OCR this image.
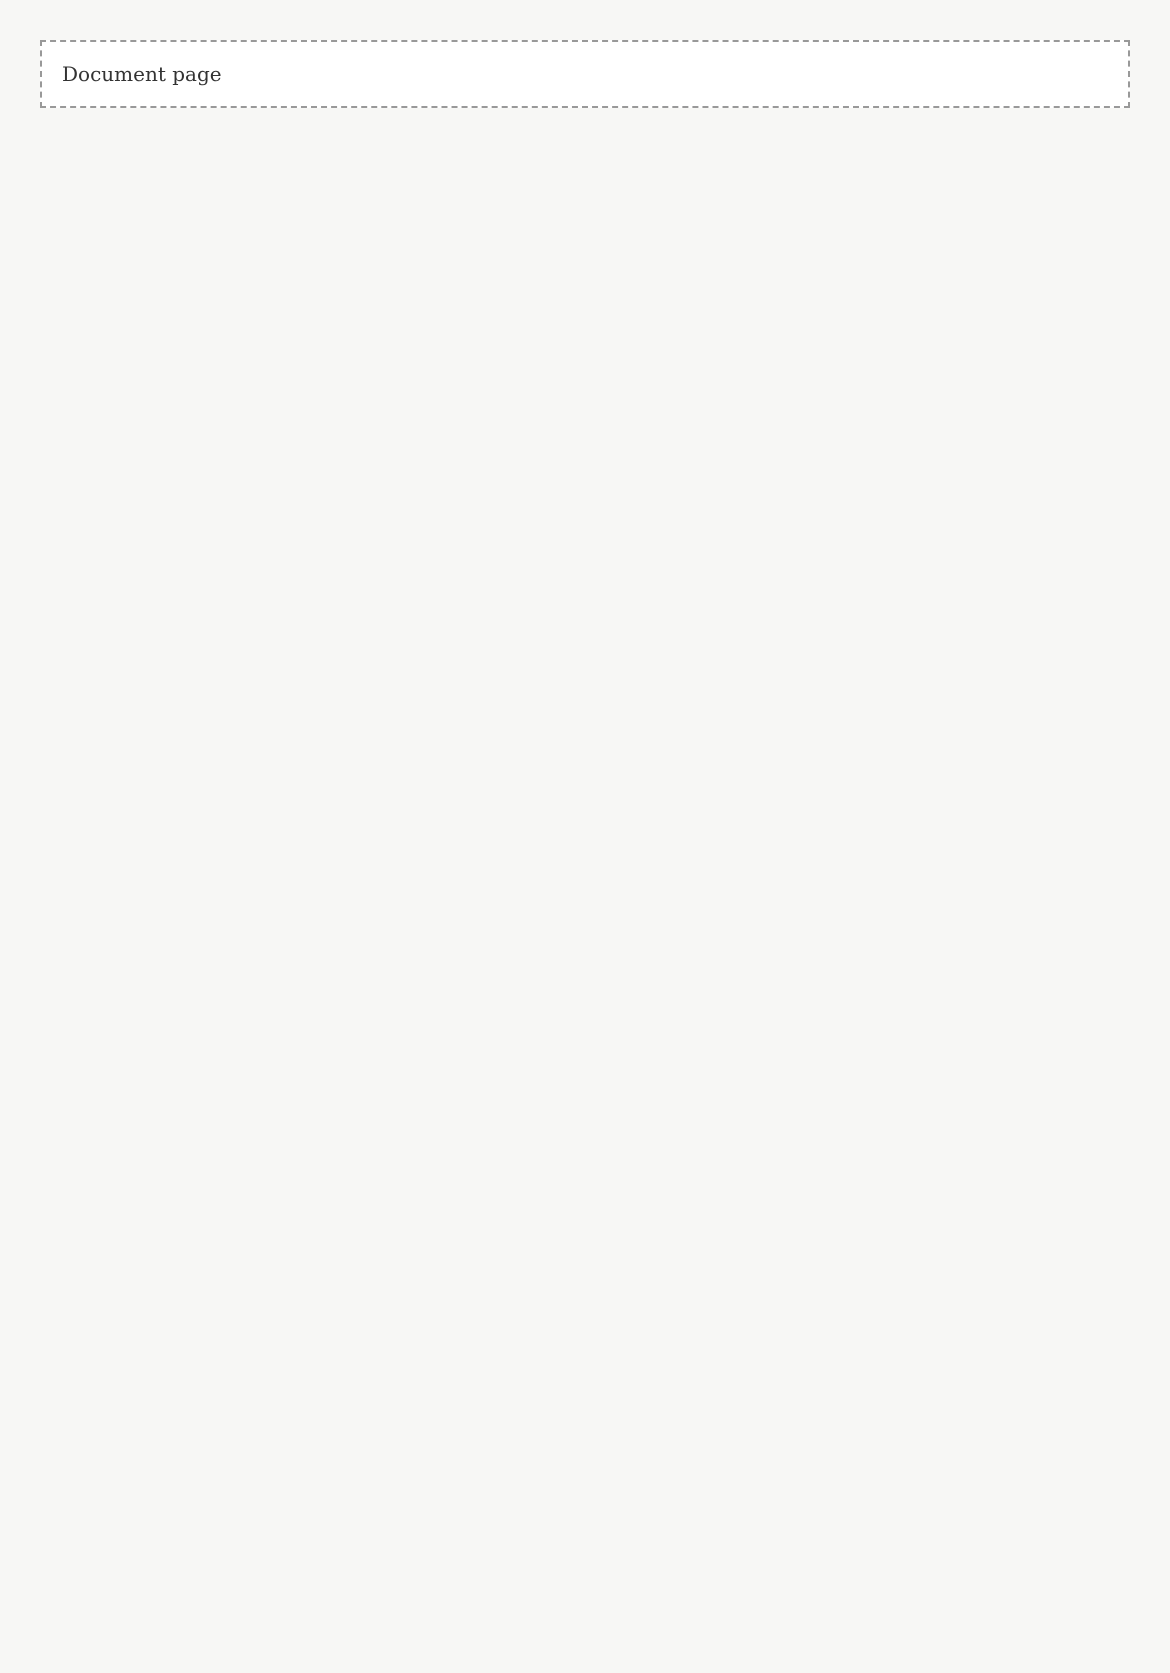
Document page
